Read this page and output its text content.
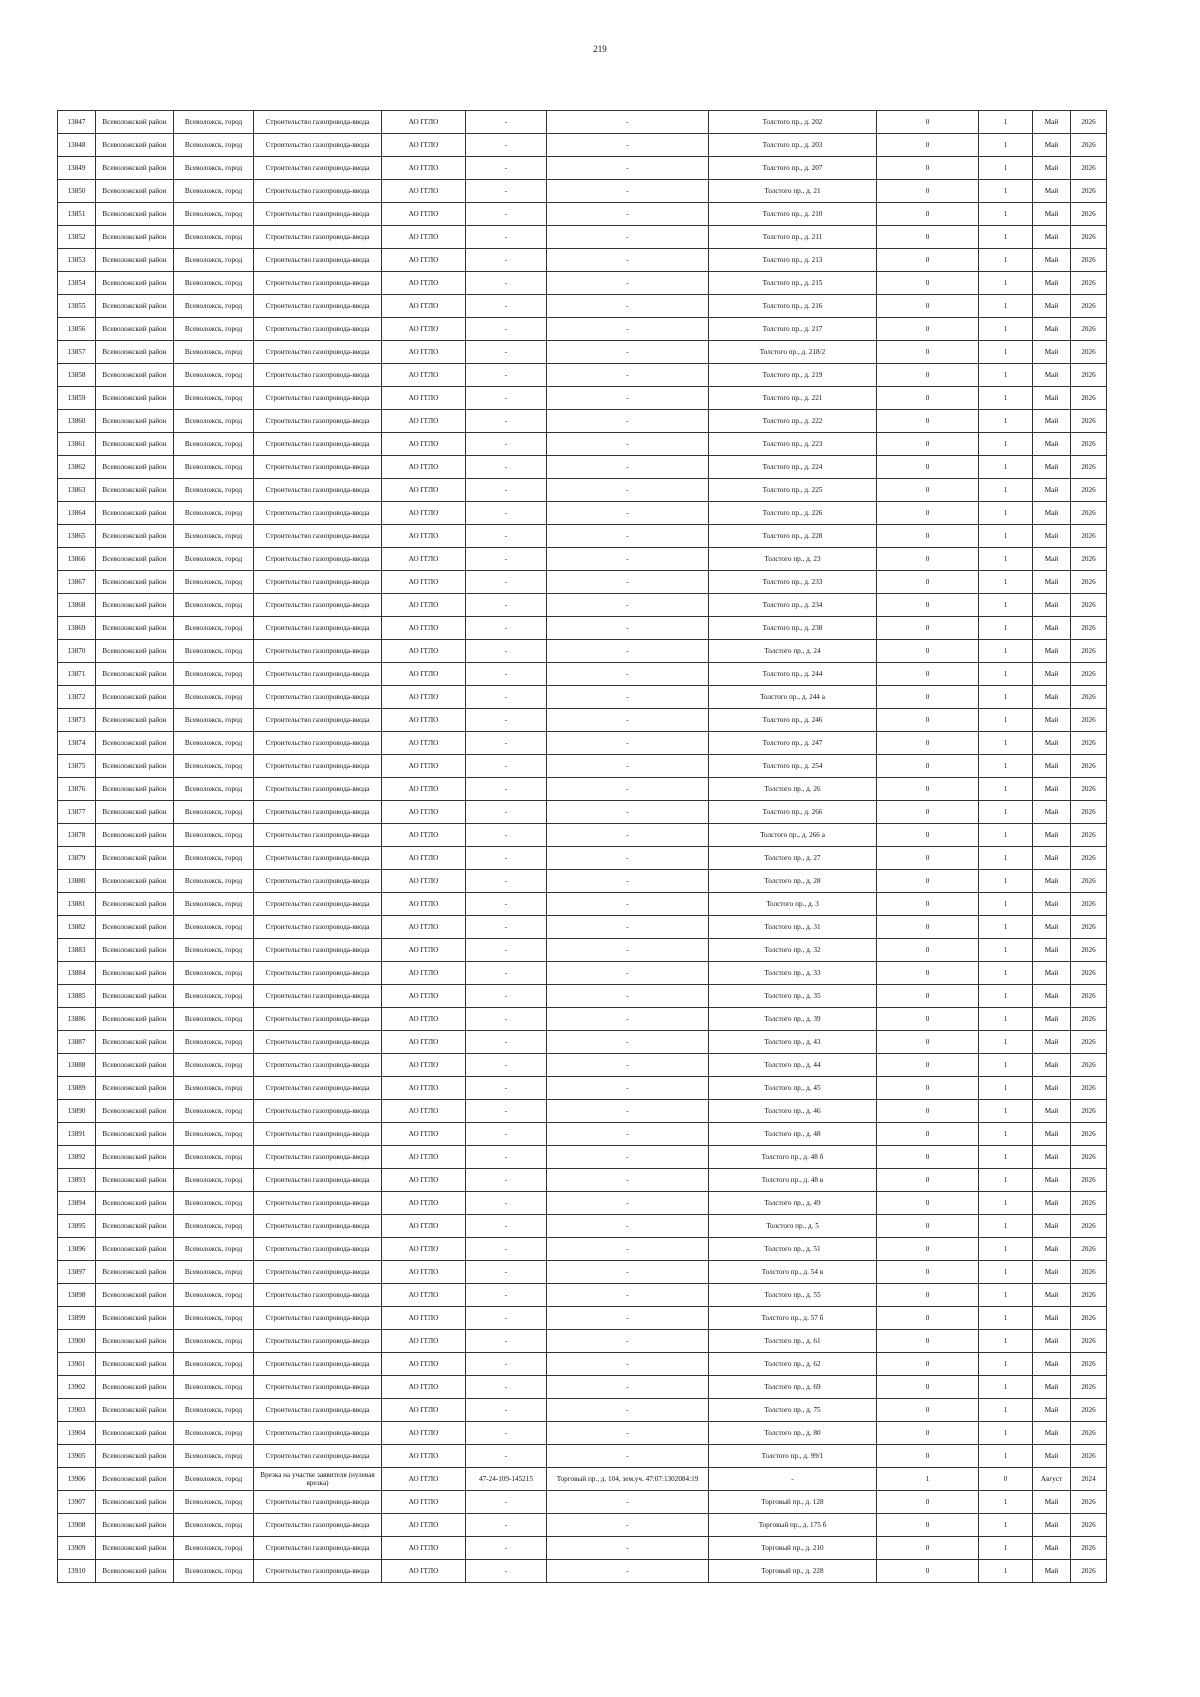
219
13847	Всеволожский район	Всеволожск, город	Строительство газопровода-ввода	АО ГГЛО	-	-	Толстого пр., д. 202	0	1	Май	2026
13848	Всеволожский район	Всеволожск, город	Строительство газопровода-ввода	АО ГГЛО	-	-	Толстого пр., д. 203	0	1	Май	2026
13849	Всеволожский район	Всеволожск, город	Строительство газопровода-ввода	АО ГГЛО	-	-	Толстого пр., д. 207	0	1	Май	2026
13850	Всеволожский район	Всеволожск, город	Строительство газопровода-ввода	АО ГГЛО	-	-	Толстого пр., д. 21	0	1	Май	2026
13851	Всеволожский район	Всеволожск, город	Строительство газопровода-ввода	АО ГГЛО	-	-	Толстого пр., д. 210	0	1	Май	2026
13852	Всеволожский район	Всеволожск, город	Строительство газопровода-ввода	АО ГГЛО	-	-	Толстого пр., д. 211	0	1	Май	2026
13853	Всеволожский район	Всеволожск, город	Строительство газопровода-ввода	АО ГГЛО	-	-	Толстого пр., д. 213	0	1	Май	2026
13854	Всеволожский район	Всеволожск, город	Строительство газопровода-ввода	АО ГГЛО	-	-	Толстого пр., д. 215	0	1	Май	2026
13855	Всеволожский район	Всеволожск, город	Строительство газопровода-ввода	АО ГГЛО	-	-	Толстого пр., д. 216	0	1	Май	2026
13856	Всеволожский район	Всеволожск, город	Строительство газопровода-ввода	АО ГГЛО	-	-	Толстого пр., д. 217	0	1	Май	2026
13857	Всеволожский район	Всеволожск, город	Строительство газопровода-ввода	АО ГГЛО	-	-	Толстого пр., д. 218/2	0	1	Май	2026
13858	Всеволожский район	Всеволожск, город	Строительство газопровода-ввода	АО ГГЛО	-	-	Толстого пр., д. 219	0	1	Май	2026
13859	Всеволожский район	Всеволожск, город	Строительство газопровода-ввода	АО ГГЛО	-	-	Толстого пр., д. 221	0	1	Май	2026
13860	Всеволожский район	Всеволожск, город	Строительство газопровода-ввода	АО ГГЛО	-	-	Толстого пр., д. 222	0	1	Май	2026
13861	Всеволожский район	Всеволожск, город	Строительство газопровода-ввода	АО ГГЛО	-	-	Толстого пр., д. 223	0	1	Май	2026
13862	Всеволожский район	Всеволожск, город	Строительство газопровода-ввода	АО ГГЛО	-	-	Толстого пр., д. 224	0	1	Май	2026
13863	Всеволожский район	Всеволожск, город	Строительство газопровода-ввода	АО ГГЛО	-	-	Толстого пр., д. 225	0	1	Май	2026
13864	Всеволожский район	Всеволожск, город	Строительство газопровода-ввода	АО ГГЛО	-	-	Толстого пр., д. 226	0	1	Май	2026
13865	Всеволожский район	Всеволожск, город	Строительство газопровода-ввода	АО ГГЛО	-	-	Толстого пр., д. 228	0	1	Май	2026
13866	Всеволожский район	Всеволожск, город	Строительство газопровода-ввода	АО ГГЛО	-	-	Толстого пр., д. 23	0	1	Май	2026
13867	Всеволожский район	Всеволожск, город	Строительство газопровода-ввода	АО ГГЛО	-	-	Толстого пр., д. 233	0	1	Май	2026
13868	Всеволожский район	Всеволожск, город	Строительство газопровода-ввода	АО ГГЛО	-	-	Толстого пр., д. 234	0	1	Май	2026
13869	Всеволожский район	Всеволожск, город	Строительство газопровода-ввода	АО ГГЛО	-	-	Толстого пр., д. 238	0	1	Май	2026
13870	Всеволожский район	Всеволожск, город	Строительство газопровода-ввода	АО ГГЛО	-	-	Толстого пр., д. 24	0	1	Май	2026
13871	Всеволожский район	Всеволожск, город	Строительство газопровода-ввода	АО ГГЛО	-	-	Толстого пр., д. 244	0	1	Май	2026
13872	Всеволожский район	Всеволожск, город	Строительство газопровода-ввода	АО ГГЛО	-	-	Толстого пр., д. 244 а	0	1	Май	2026
13873	Всеволожский район	Всеволожск, город	Строительство газопровода-ввода	АО ГГЛО	-	-	Толстого пр., д. 246	0	1	Май	2026
13874	Всеволожский район	Всеволожск, город	Строительство газопровода-ввода	АО ГГЛО	-	-	Толстого пр., д. 247	0	1	Май	2026
13875	Всеволожский район	Всеволожск, город	Строительство газопровода-ввода	АО ГГЛО	-	-	Толстого пр., д. 254	0	1	Май	2026
13876	Всеволожский район	Всеволожск, город	Строительство газопровода-ввода	АО ГГЛО	-	-	Толстого пр., д. 26	0	1	Май	2026
13877	Всеволожский район	Всеволожск, город	Строительство газопровода-ввода	АО ГГЛО	-	-	Толстого пр., д. 266	0	1	Май	2026
13878	Всеволожский район	Всеволожск, город	Строительство газопровода-ввода	АО ГГЛО	-	-	Толстого пр., д. 266 а	0	1	Май	2026
13879	Всеволожский район	Всеволожск, город	Строительство газопровода-ввода	АО ГГЛО	-	-	Толстого пр., д. 27	0	1	Май	2026
13880	Всеволожский район	Всеволожск, город	Строительство газопровода-ввода	АО ГГЛО	-	-	Толстого пр., д. 28	0	1	Май	2026
13881	Всеволожский район	Всеволожск, город	Строительство газопровода-ввода	АО ГГЛО	-	-	Толстого пр., д. 3	0	1	Май	2026
13882	Всеволожский район	Всеволожск, город	Строительство газопровода-ввода	АО ГГЛО	-	-	Толстого пр., д. 31	0	1	Май	2026
13883	Всеволожский район	Всеволожск, город	Строительство газопровода-ввода	АО ГГЛО	-	-	Толстого пр., д. 32	0	1	Май	2026
13884	Всеволожский район	Всеволожск, город	Строительство газопровода-ввода	АО ГГЛО	-	-	Толстого пр., д. 33	0	1	Май	2026
13885	Всеволожский район	Всеволожск, город	Строительство газопровода-ввода	АО ГГЛО	-	-	Толстого пр., д. 35	0	1	Май	2026
13886	Всеволожский район	Всеволожск, город	Строительство газопровода-ввода	АО ГГЛО	-	-	Толстого пр., д. 39	0	1	Май	2026
13887	Всеволожский район	Всеволожск, город	Строительство газопровода-ввода	АО ГГЛО	-	-	Толстого пр., д. 43	0	1	Май	2026
13888	Всеволожский район	Всеволожск, город	Строительство газопровода-ввода	АО ГГЛО	-	-	Толстого пр., д. 44	0	1	Май	2026
13889	Всеволожский район	Всеволожск, город	Строительство газопровода-ввода	АО ГГЛО	-	-	Толстого пр., д. 45	0	1	Май	2026
13890	Всеволожский район	Всеволожск, город	Строительство газопровода-ввода	АО ГГЛО	-	-	Толстого пр., д. 46	0	1	Май	2026
13891	Всеволожский район	Всеволожск, город	Строительство газопровода-ввода	АО ГГЛО	-	-	Толстого пр., д. 48	0	1	Май	2026
13892	Всеволожский район	Всеволожск, город	Строительство газопровода-ввода	АО ГГЛО	-	-	Толстого пр., д. 48 б	0	1	Май	2026
13893	Всеволожский район	Всеволожск, город	Строительство газопровода-ввода	АО ГГЛО	-	-	Толстого пр., д. 48 в	0	1	Май	2026
13894	Всеволожский район	Всеволожск, город	Строительство газопровода-ввода	АО ГГЛО	-	-	Толстого пр., д. 49	0	1	Май	2026
13895	Всеволожский район	Всеволожск, город	Строительство газопровода-ввода	АО ГГЛО	-	-	Толстого пр., д. 5	0	1	Май	2026
13896	Всеволожский район	Всеволожск, город	Строительство газопровода-ввода	АО ГГЛО	-	-	Толстого пр., д. 51	0	1	Май	2026
13897	Всеволожский район	Всеволожск, город	Строительство газопровода-ввода	АО ГГЛО	-	-	Толстого пр., д. 54 в	0	1	Май	2026
13898	Всеволожский район	Всеволожск, город	Строительство газопровода-ввода	АО ГГЛО	-	-	Толстого пр., д. 55	0	1	Май	2026
13899	Всеволожский район	Всеволожск, город	Строительство газопровода-ввода	АО ГГЛО	-	-	Толстого пр., д. 57 б	0	1	Май	2026
13900	Всеволожский район	Всеволожск, город	Строительство газопровода-ввода	АО ГГЛО	-	-	Толстого пр., д. 61	0	1	Май	2026
13901	Всеволожский район	Всеволожск, город	Строительство газопровода-ввода	АО ГГЛО	-	-	Толстого пр., д. 62	0	1	Май	2026
13902	Всеволожский район	Всеволожск, город	Строительство газопровода-ввода	АО ГГЛО	-	-	Толстого пр., д. 69	0	1	Май	2026
13903	Всеволожский район	Всеволожск, город	Строительство газопровода-ввода	АО ГГЛО	-	-	Толстого пр., д. 75	0	1	Май	2026
13904	Всеволожский район	Всеволожск, город	Строительство газопровода-ввода	АО ГГЛО	-	-	Толстого пр., д. 80	0	1	Май	2026
13905	Всеволожский район	Всеволожск, город	Строительство газопровода-ввода	АО ГГЛО	-	-	Толстого пр., д. 99/1	0	1	Май	2026
13906	Всеволожский район	Всеволожск, город	Врезка на участке заявителя (нулевая врезка)	АО ГГЛО	47-24-109-145215	Торговый пр., д. 104, зем.уч. 47:07:1302084:19	-	1	0	Август	2024
13907	Всеволожский район	Всеволожск, город	Строительство газопровода-ввода	АО ГГЛО	-	-	Торговый пр., д. 128	0	1	Май	2026
13908	Всеволожский район	Всеволожск, город	Строительство газопровода-ввода	АО ГГЛО	-	-	Торговый пр., д. 175 б	0	1	Май	2026
13909	Всеволожский район	Всеволожск, город	Строительство газопровода-ввода	АО ГГЛО	-	-	Торговый пр., д. 210	0	1	Май	2026
13910	Всеволожский район	Всеволожск, город	Строительство газопровода-ввода	АО ГГЛО	-	-	Торговый пр., д. 228	0	1	Май	2026
